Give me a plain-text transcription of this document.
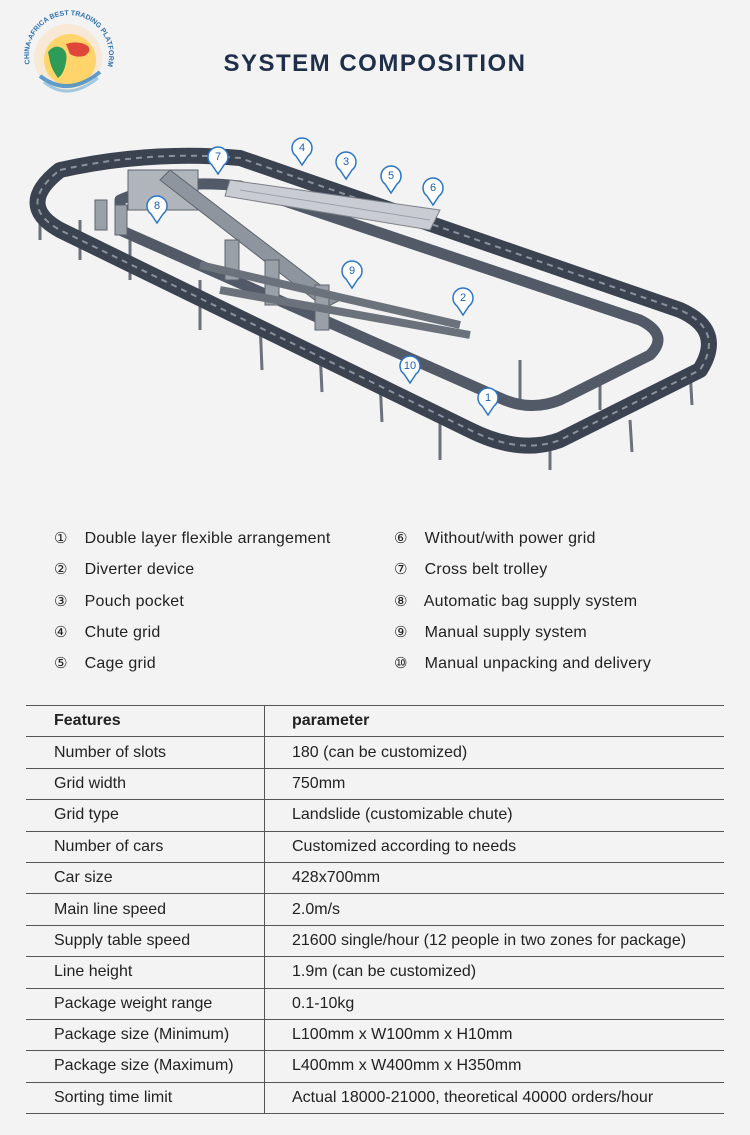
CHINA-AFRICA BEST TRADING PLATFORM	SYSTEM COMPOSITION
1
2
3
4
5
6
7
8
9
10
① Double layer flexible arrangement
② Diverter device
③ Pouch pocket
④ Chute grid
⑤ Cage grid
⑥ Without/with power grid
⑦ Cross belt trolley
⑧ Automatic bag supply system
⑨ Manual supply system
⑩ Manual unpacking and delivery
Features	parameter
Number of slots	180 (can be customized)
Grid width	750mm
Grid type	Landslide (customizable chute)
Number of cars	Customized according to needs
Car size	428x700mm
Main line speed	2.0m/s
Supply table speed	21600 single/hour (12 people in two zones for package)
Line height	1.9m (can be customized)
Package weight range	0.1-10kg
Package size (Minimum)	L100mm x W100mm x H10mm
Package size (Maximum)	L400mm x W400mm x H350mm
Sorting time limit	Actual 18000-21000, theoretical 40000 orders/hour
